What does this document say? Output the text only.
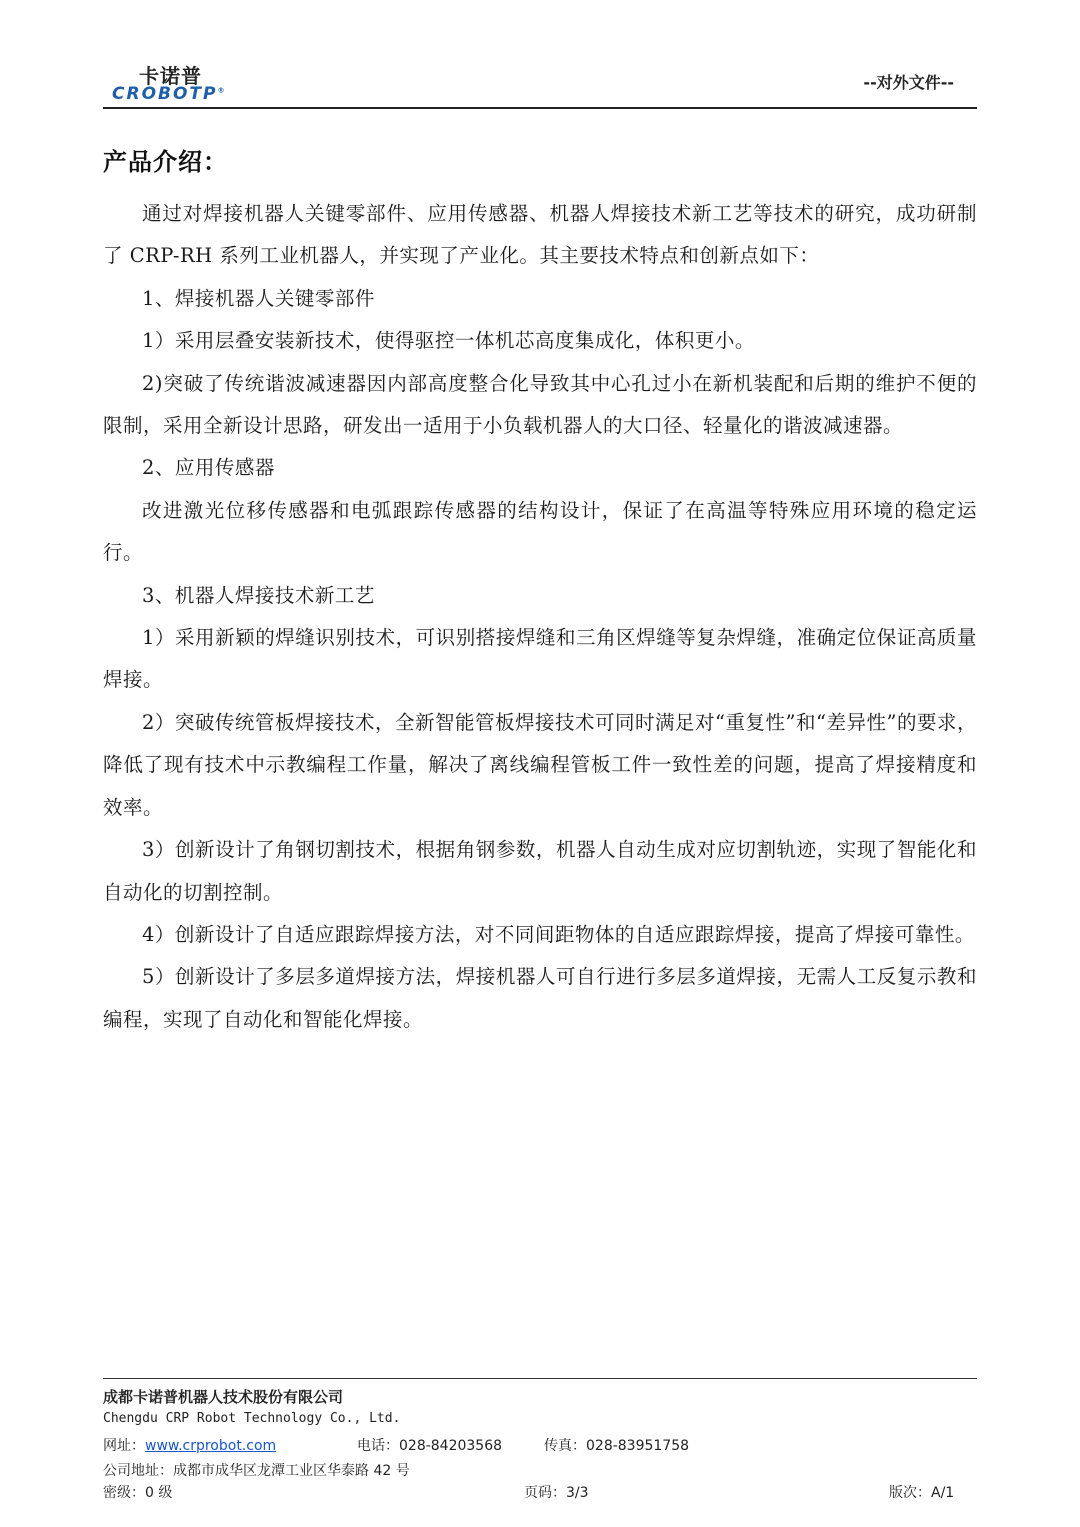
卡诺普
CROBOTP®	--对外文件--
产品介绍：

通过对焊接机器人关键零部件、应用传感器、机器人焊接技术新工艺等技术的研究，成功研制了 CRP-RH 系列工业机器人，并实现了产业化。其主要技术特点和创新点如下：

1、焊接机器人关键零部件

1）采用层叠安装新技术，使得驱控一体机芯高度集成化，体积更小。

2)突破了传统谐波减速器因内部高度整合化导致其中心孔过小在新机装配和后期的维护不便的限制，采用全新设计思路，研发出一适用于小负载机器人的大口径、轻量化的谐波减速器。

2、应用传感器

改进激光位移传感器和电弧跟踪传感器的结构设计，保证了在高温等特殊应用环境的稳定运行。

3、机器人焊接技术新工艺

1）采用新颖的焊缝识别技术，可识别搭接焊缝和三角区焊缝等复杂焊缝，准确定位保证高质量焊接。

2）突破传统管板焊接技术，全新智能管板焊接技术可同时满足对“重复性”和“差异性”的要求，降低了现有技术中示教编程工作量，解决了离线编程管板工件一致性差的问题，提高了焊接精度和效率。

3）创新设计了角钢切割技术，根据角钢参数，机器人自动生成对应切割轨迹，实现了智能化和自动化的切割控制。

4）创新设计了自适应跟踪焊接方法，对不同间距物体的自适应跟踪焊接，提高了焊接可靠性。

5）创新设计了多层多道焊接方法，焊接机器人可自行进行多层多道焊接，无需人工反复示教和编程，实现了自动化和智能化焊接。

成都卡诺普机器人技术股份有限公司
Chengdu CRP Robot Technology Co., Ltd.
网址：www.crprobot.com	电话：028-84203568	传真：028-83951758
公司地址：成都市成华区龙潭工业区华泰路 42 号
密级：0 级	页码：3/3	版次：A/1
